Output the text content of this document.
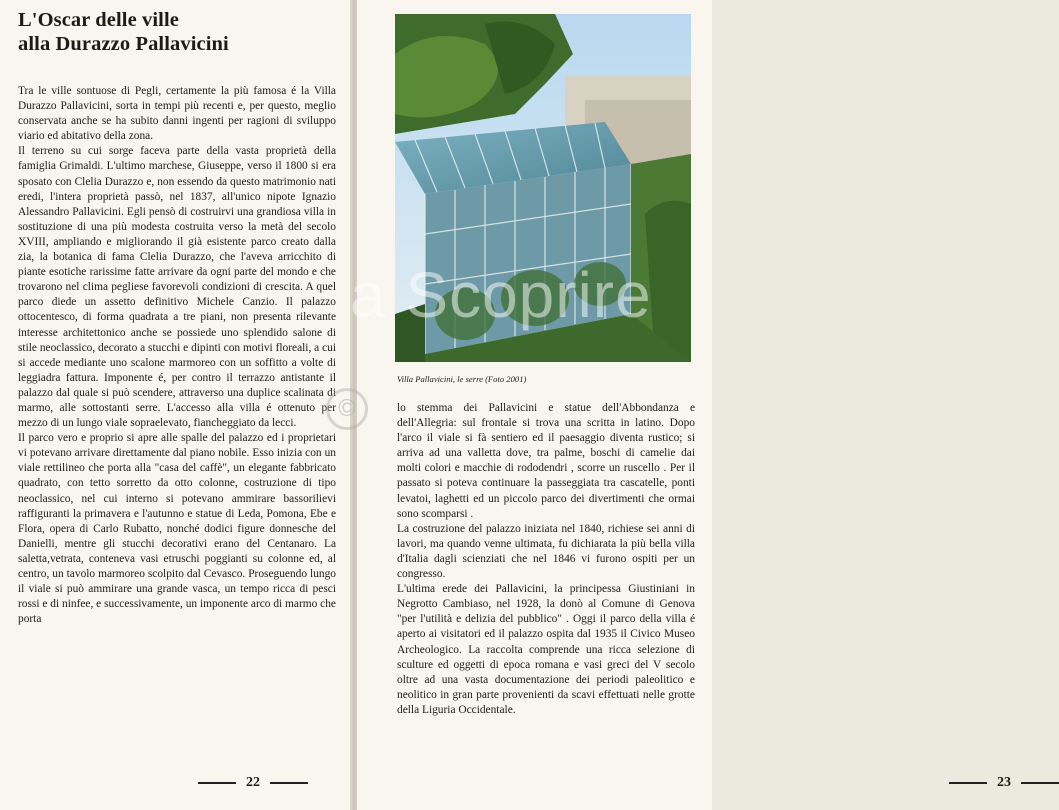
L'Oscar delle ville
alla Durazzo Pallavicini

Tra le ville sontuose di Pegli, certamente la più famosa é la Villa Durazzo Pallavicini, sorta in tempi più recenti e, per questo, meglio conservata anche se ha subito danni ingenti per ragioni di sviluppo viario ed abitativo della zona.

Il terreno su cui sorge faceva parte della vasta proprietà della famiglia Grimaldi. L'ultimo marchese, Giuseppe, verso il 1800 si era sposato con Clelia Durazzo e, non essendo da questo matrimonio nati eredi, l'intera proprietà passò, nel 1837, all'unico nipote Ignazio Alessandro Pallavicini. Egli pensò di costruirvi una grandiosa villa in sostituzione di una più modesta costruita verso la metà del secolo XVIII, ampliando e migliorando il già esistente parco creato dalla zia, la botanica di fama Clelia Durazzo, che l'aveva arricchito di piante esotiche rarissime fatte arrivare da ogni parte del mondo e che trovarono nel clima pegliese favorevoli condizioni di crescita. A quel parco diede un assetto definitivo Michele Canzio. Il palazzo ottocentesco, di forma quadrata a tre piani, non presenta rilevante interesse architettonico anche se possiede uno splendido salone di stile neoclassico, decorato a stucchi e dipinti con motivi floreali, a cui si accede mediante uno scalone marmoreo con un soffitto a volte di leggiadra fattura. Imponente é, per contro il terrazzo antistante il palazzo dal quale si può scendere, attraverso una duplice scalinata di marmo, alle sottostanti serre. L'accesso alla villa é ottenuto per mezzo di un lungo viale sopraelevato, fiancheggiato da lecci.

Il parco vero e proprio si apre alle spalle del palazzo ed i proprietari vi potevano arrivare direttamente dal piano nobile. Esso inizia con un viale rettilineo che porta alla "casa del caffè", un elegante fabbricato quadrato, con tetto sorretto da otto colonne, costruzione di tipo neoclassico, nel cui interno si potevano ammirare bassorilievi raffiguranti la primavera e l'autunno e statue di Leda, Pomona, Ebe e Flora, opera di Carlo Rubatto, nonché dodici figure donnesche del Danielli, mentre gli stucchi decorativi erano del Centanaro. La saletta,vetrata, conteneva vasi etruschi poggianti su colonne ed, al centro, un tavolo marmoreo scolpito dal Cevasco. Proseguendo lungo il viale si può ammirare una grande vasca, un tempo ricca di pesci rossi e di ninfee, e successivamente, un imponente arco di marmo che porta

22

Villa Pallavicini, le serre (Foto 2001)

lo stemma dei Pallavicini e statue dell'Abbondanza e dell'Allegria: sul frontale si trova una scritta in latino. Dopo l'arco il viale si fà sentiero ed il paesaggio diventa rustico; si arriva ad una valletta dove, tra palme, boschi di camelie dai molti colori e macchie di rododendri , scorre un ruscello . Per il passato si poteva continuare la passeggiata tra cascatelle, ponti levatoi, laghetti ed un piccolo parco dei divertimenti che ormai sono scomparsi .

La costruzione del palazzo iniziata nel 1840, richiese sei anni di lavori, ma quando venne ultimata, fu dichiarata la più bella villa d'Italia dagli scienziati che nel 1846 vi furono ospiti per un congresso.

L'ultima erede dei Pallavicini, la principessa Giustiniani in Negrotto Cambiaso, nel 1928, la donò al Comune di Genova "per l'utilità e delizia del pubblico" . Oggi il parco della villa é aperto ai visitatori ed il palazzo ospita dal 1935 il Civico Museo Archeologico. La raccolta comprende una ricca selezione di sculture ed oggetti di epoca romana e vasi greci del V secolo oltre ad una vasta documentazione dei periodi paleolitico e neolitico in gran parte provenienti da scavi effettuati nelle grotte della Liguria Occidentale.

23
a Scoprire
©
